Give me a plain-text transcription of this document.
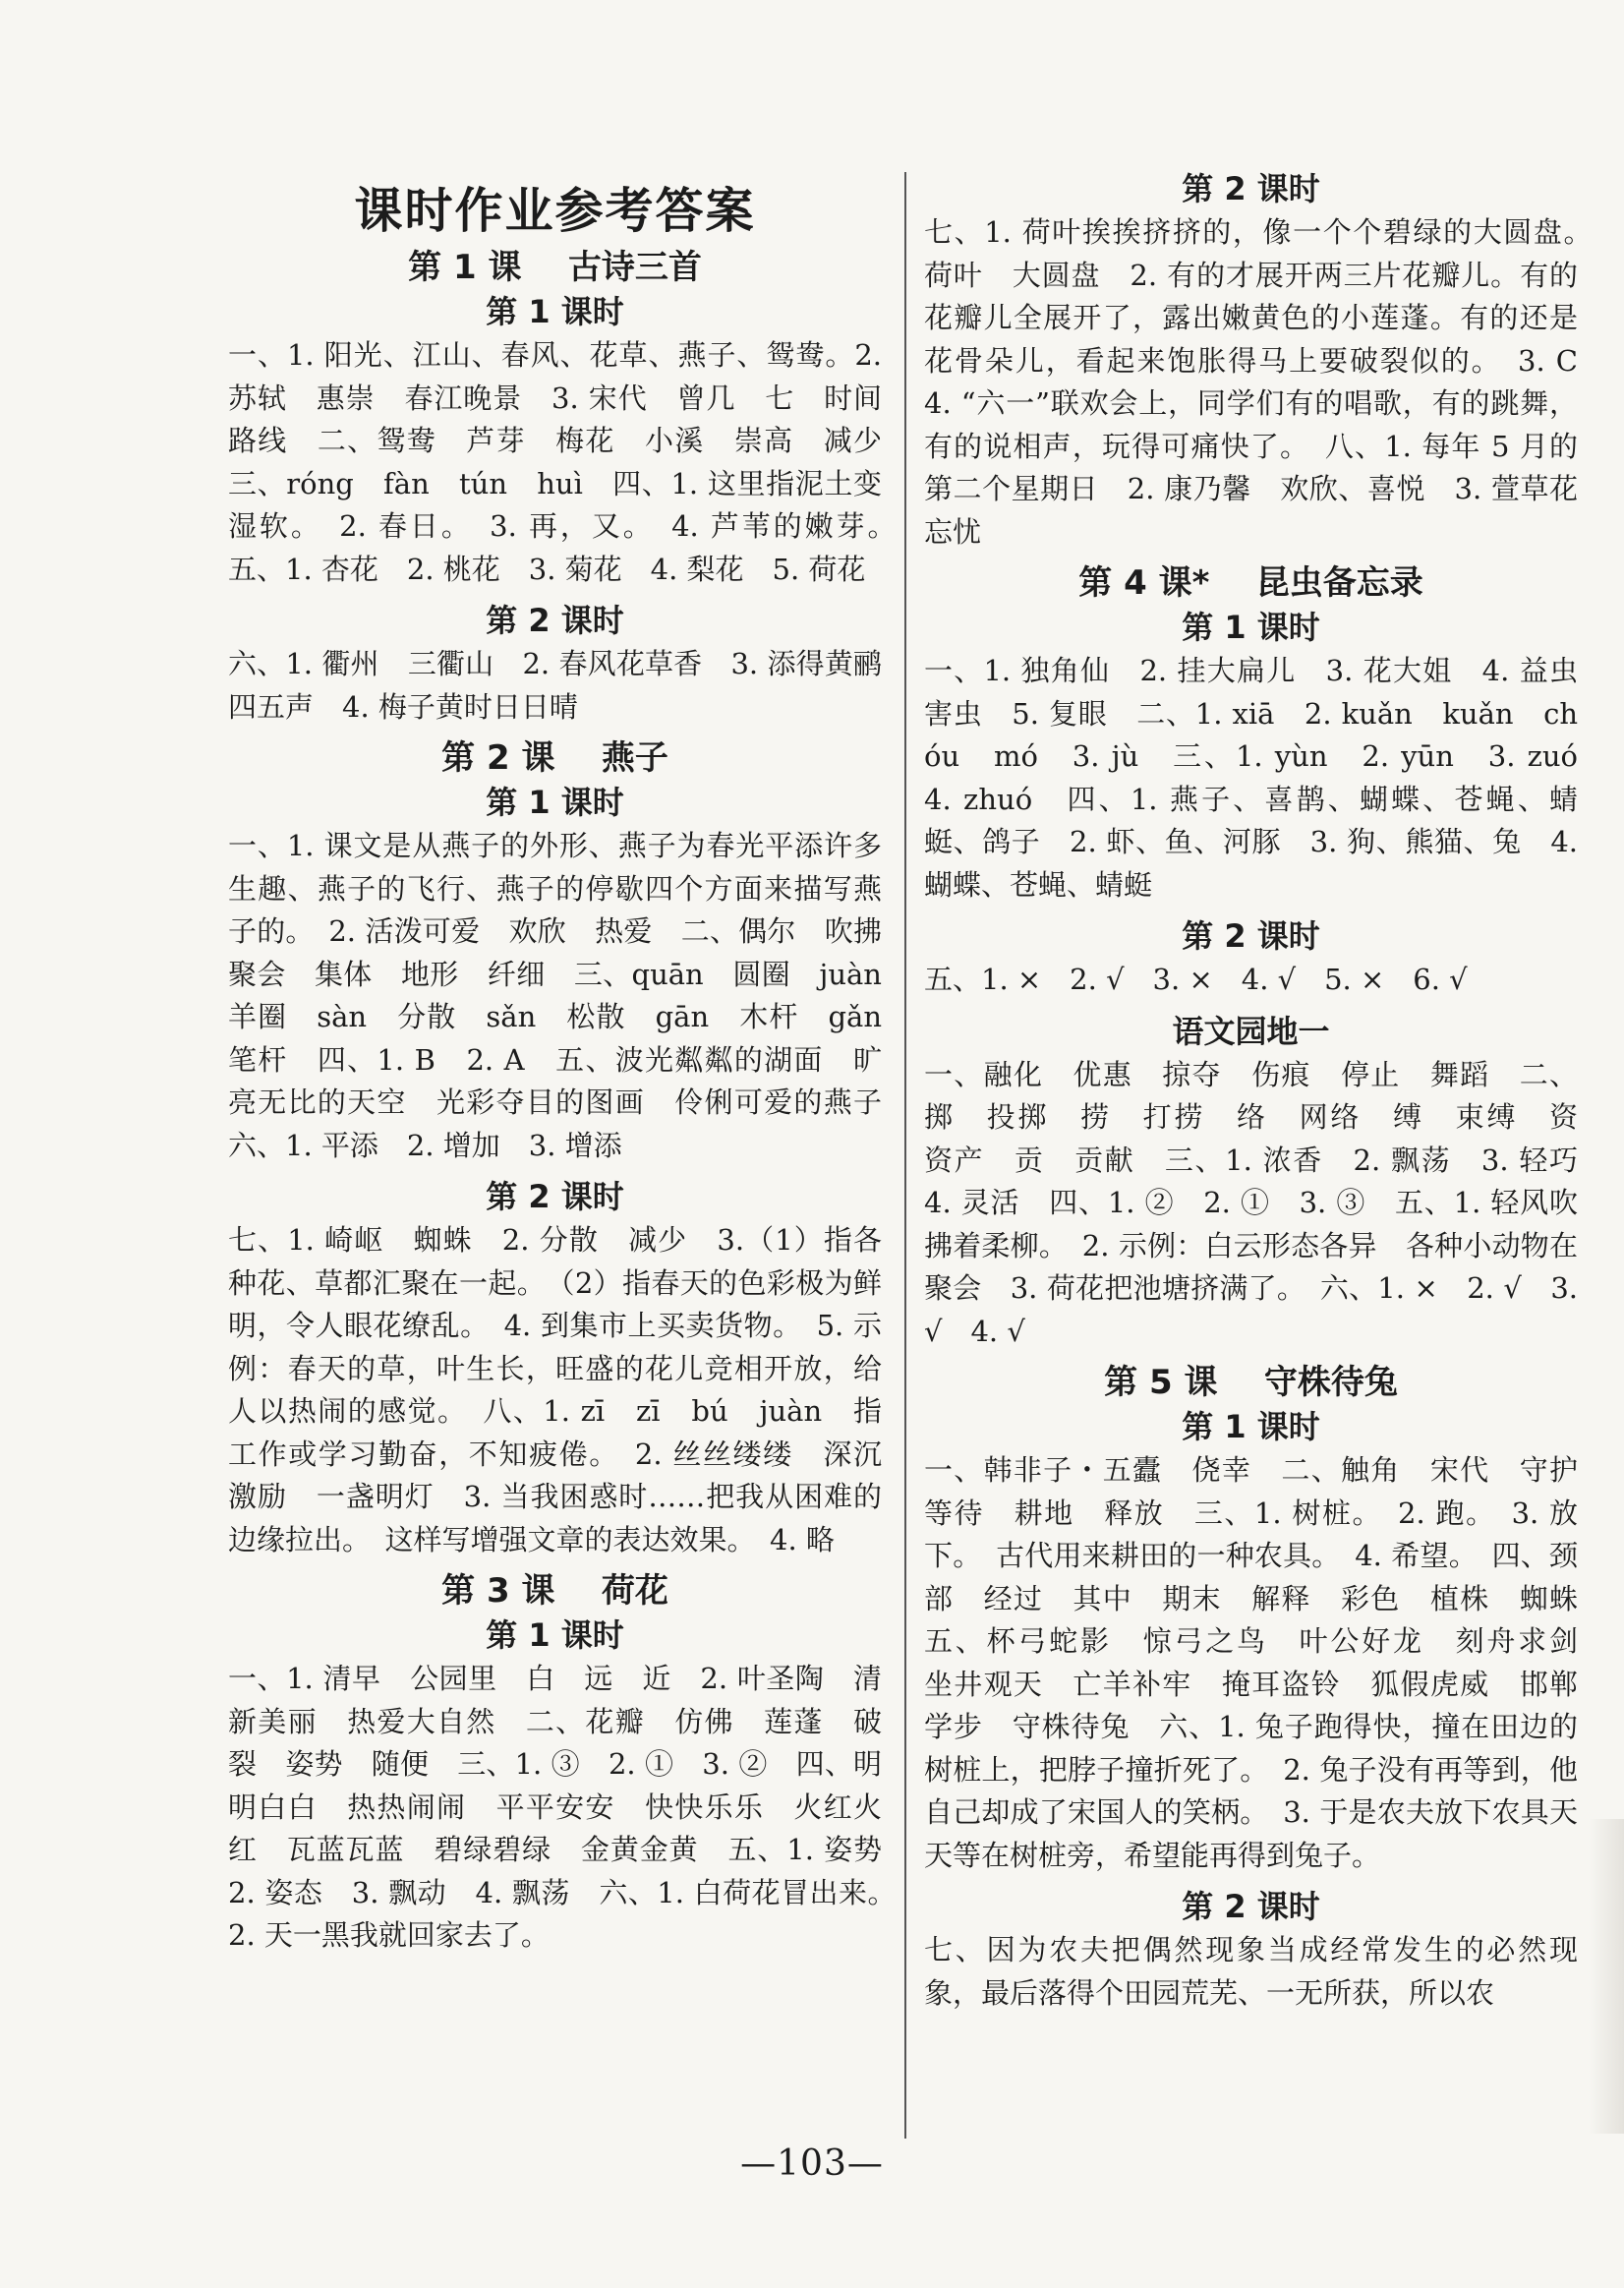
课时作业参考答案
第 1 课    古诗三首
第 1 课时
一、1. 阳光、江山、春风、花草、燕子、鸳鸯。2. 苏轼　惠崇　春江晚景　3. 宋代　曾几　七　时间　路线　二、鸳鸯　芦芽　梅花　小溪　崇高　减少　三、róng　fàn　tún　huì　四、1. 这里指泥土变湿软。　2. 春日。　3. 再，又。　4. 芦苇的嫩芽。　五、1. 杏花　2. 桃花　3. 菊花　4. 梨花　5. 荷花
第 2 课时
六、1. 衢州　三衢山　2. 春风花草香　3. 添得黄鹂四五声　4. 梅子黄时日日晴
第 2 课    燕子
第 1 课时
一、1. 课文是从燕子的外形、燕子为春光平添许多生趣、燕子的飞行、燕子的停歇四个方面来描写燕子的。　2. 活泼可爱　欢欣　热爱　二、偶尔　吹拂　聚会　集体　地形　纤细　三、quān　圆圈　juàn　羊圈　sàn　分散　sǎn　松散　gān　木杆　gǎn　笔杆　四、1. B　2. A　五、波光粼粼的湖面　旷亮无比的天空　光彩夺目的图画　伶俐可爱的燕子　六、1. 平添　2. 增加　3. 增添
第 2 课时
七、1. 崎岖　蜘蛛　2. 分散　减少　3.（1）指各种花、草都汇聚在一起。　（2）指春天的色彩极为鲜明，令人眼花缭乱。　4. 到集市上买卖货物。　5. 示例：春天的草，叶生长，旺盛的花儿竞相开放，给人以热闹的感觉。　八、1. zī　zī　bú　juàn　指工作或学习勤奋，不知疲倦。　2. 丝丝缕缕　深沉　激励　一盏明灯　3. 当我困惑时……把我从困难的边缘拉出。　这样写增强文章的表达效果。　4. 略
第 3 课    荷花
第 1 课时
一、1. 清早　公园里　白　远　近　2. 叶圣陶　清新美丽　热爱大自然　二、花瓣　仿佛　莲蓬　破裂　姿势　随便　三、1. ③　2. ①　3. ②　四、明明白白　热热闹闹　平平安安　快快乐乐　火红火红　瓦蓝瓦蓝　碧绿碧绿　金黄金黄　五、1. 姿势　2. 姿态　3. 飘动　4. 飘荡　六、1. 白荷花冒出来。　2. 天一黑我就回家去了。
第 2 课时
七、1. 荷叶挨挨挤挤的，像一个个碧绿的大圆盘。　荷叶　大圆盘　2. 有的才展开两三片花瓣儿。有的花瓣儿全展开了，露出嫩黄色的小莲蓬。有的还是花骨朵儿，看起来饱胀得马上要破裂似的。　3. C　4. “六一”联欢会上，同学们有的唱歌，有的跳舞，有的说相声，玩得可痛快了。　八、1. 每年 5 月的第二个星期日　2. 康乃馨　欢欣、喜悦　3. 萱草花　忘忧
第 4 课*    昆虫备忘录
第 1 课时
一、1. 独角仙　2. 挂大扁儿　3. 花大姐　4. 益虫　害虫　5. 复眼　二、1. xiā　2. kuǎn　kuǎn　chóu　mó　3. jù　三、1. yùn　2. yūn　3. zuó　4. zhuó　四、1. 燕子、喜鹊、蝴蝶、苍蝇、蜻蜓、鸽子　2. 虾、鱼、河豚　3. 狗、熊猫、兔　4. 蝴蝶、苍蝇、蜻蜓
第 2 课时
五、1. ×　2. √　3. ×　4. √　5. ×　6. √
语文园地一
一、融化　优惠　掠夺　伤痕　停止　舞蹈　二、掷　投掷　捞　打捞　络　网络　缚　束缚　资　资产　贡　贡献　三、1. 浓香　2. 飘荡　3. 轻巧　4. 灵活　四、1. ②　2. ①　3. ③　五、1. 轻风吹拂着柔柳。　2. 示例：白云形态各异　各种小动物在聚会　3. 荷花把池塘挤满了。　六、1. ×　2. √　3. √　4. √
第 5 课    守株待兔
第 1 课时
一、韩非子・五蠹　侥幸　二、触角　宋代　守护　等待　耕地　释放　三、1. 树桩。　2. 跑。　3. 放下。　古代用来耕田的一种农具。　4. 希望。　四、颈部　经过　其中　期末　解释　彩色　植株　蜘蛛　五、杯弓蛇影　惊弓之鸟　叶公好龙　刻舟求剑　坐井观天　亡羊补牢　掩耳盗铃　狐假虎威　邯郸学步　守株待兔　六、1. 兔子跑得快，撞在田边的树桩上，把脖子撞折死了。　2. 兔子没有再等到，他自己却成了宋国人的笑柄。　3. 于是农夫放下农具天天等在树桩旁，希望能再得到兔子。
第 2 课时
七、因为农夫把偶然现象当成经常发生的必然现象，最后落得个田园荒芜、一无所获，所以农
—103—
